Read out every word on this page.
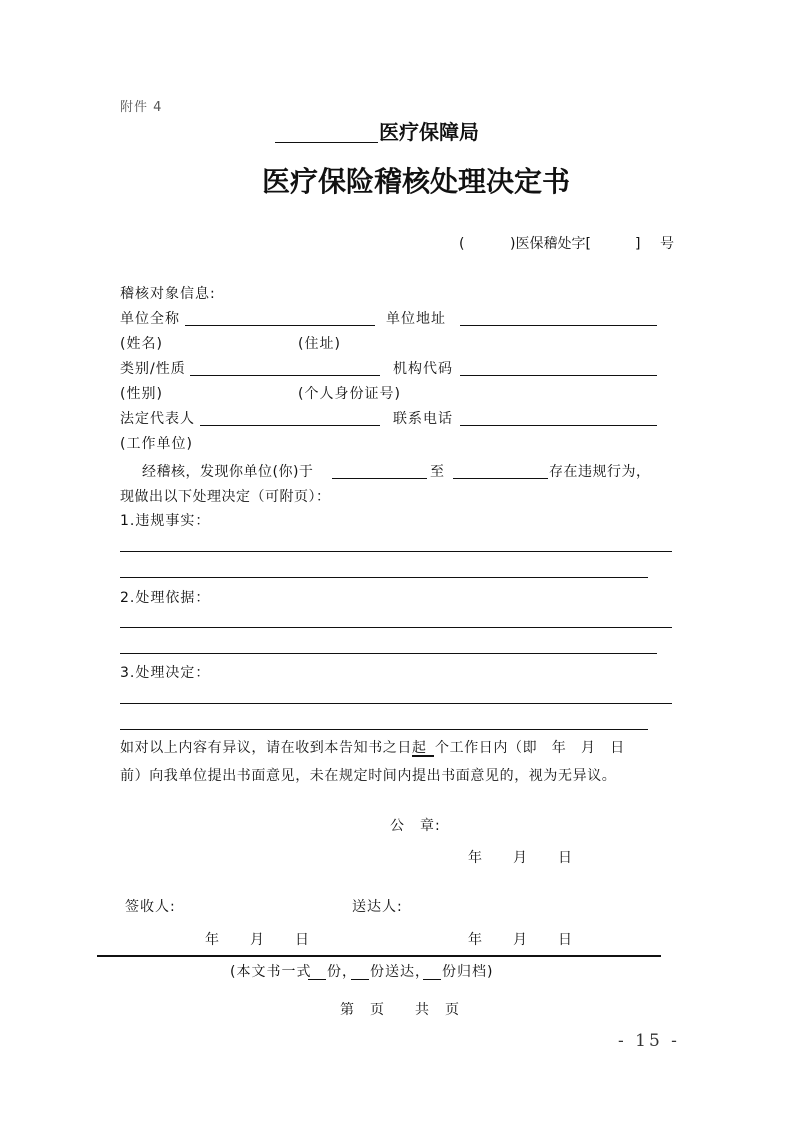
附件 4
医疗保障局
医疗保险稽核处理决定书
(	)医保稽处字[	] 号
稽核对象信息:
单位全称	单位地址
(姓名)	(住址)
类别/性质	机构代码
(性别)	(个人身份证号)
法定代表人	联系电话
(工作单位)
经稽核，发现你单位(你)于	至	存在违规行为，
现做出以下处理决定（可附页）：
1.违规事实：
2.处理依据：
3.处理决定：
如对以上内容有异议，请在收到本告知书之日起 个工作日内（即　年　月　日
前）向我单位提出书面意见，未在规定时间内提出书面意见的，视为无异议。
公　章:
年　　月　　日
签收人:	送达人:
年　　月　　日	年　　月　　日
(本文书一式 份， 份送达， 份归档)
第　页　　共　页
- 15 -
